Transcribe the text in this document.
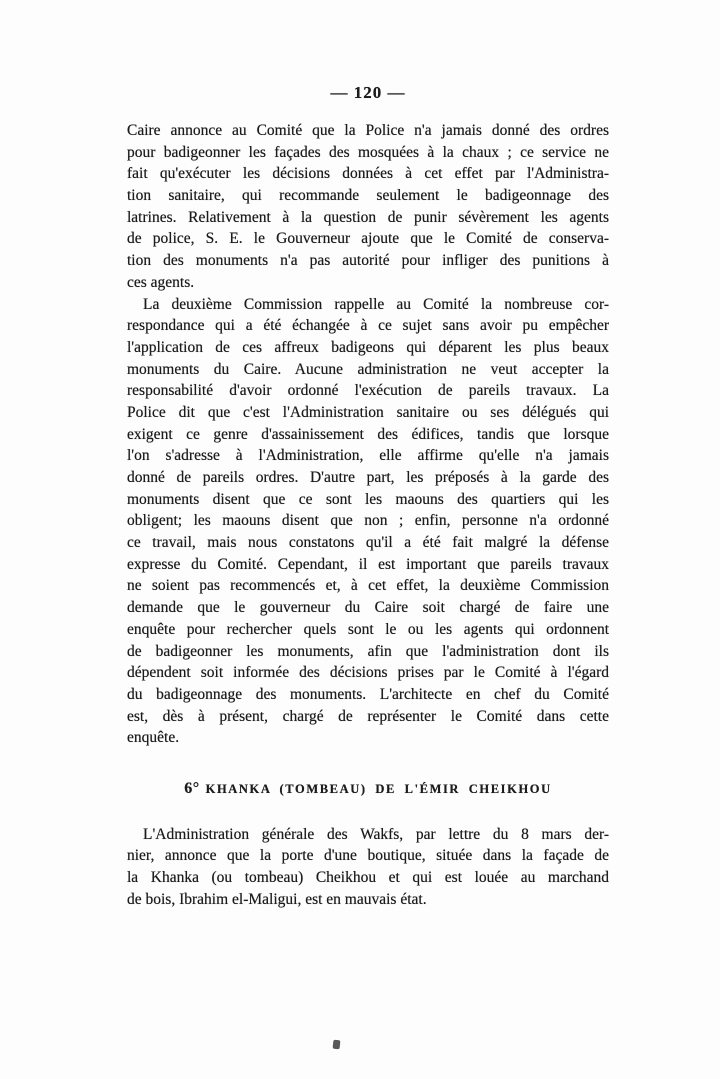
— 120 —
Caire annonce au Comité que la Police n'a jamais donné des ordres
pour badigeonner les façades des mosquées à la chaux ; ce service ne
fait qu'exécuter les décisions données à cet effet par l'Administra-
tion sanitaire, qui recommande seulement le badigeonnage des
latrines. Relativement à la question de punir sévèrement les agents
de police, S. E. le Gouverneur ajoute que le Comité de conserva-
tion des monuments n'a pas autorité pour infliger des punitions à
ces agents.
La deuxième Commission rappelle au Comité la nombreuse cor-
respondance qui a été échangée à ce sujet sans avoir pu empêcher
l'application de ces affreux badigeons qui déparent les plus beaux
monuments du Caire. Aucune administration ne veut accepter la
responsabilité d'avoir ordonné l'exécution de pareils travaux. La
Police dit que c'est l'Administration sanitaire ou ses délégués qui
exigent ce genre d'assainissement des édifices, tandis que lorsque
l'on s'adresse à l'Administration, elle affirme qu'elle n'a jamais
donné de pareils ordres. D'autre part, les préposés à la garde des
monuments disent que ce sont les maouns des quartiers qui les
obligent; les maouns disent que non ; enfin, personne n'a ordonné
ce travail, mais nous constatons qu'il a été fait malgré la défense
expresse du Comité. Cependant, il est important que pareils travaux
ne soient pas recommencés et, à cet effet, la deuxième Commission
demande que le gouverneur du Caire soit chargé de faire une
enquête pour rechercher quels sont le ou les agents qui ordonnent
de badigeonner les monuments, afin que l'administration dont ils
dépendent soit informée des décisions prises par le Comité à l'égard
du badigeonnage des monuments. L'architecte en chef du Comité
est, dès à présent, chargé de représenter le Comité dans cette
enquête.
6° KHANKA (TOMBEAU) DE L'ÉMIR CHEIKHOU
L'Administration générale des Wakfs, par lettre du 8 mars der-
nier, annonce que la porte d'une boutique, située dans la façade de
la Khanka (ou tombeau) Cheikhou et qui est louée au marchand
de bois, Ibrahim el-Maligui, est en mauvais état.
